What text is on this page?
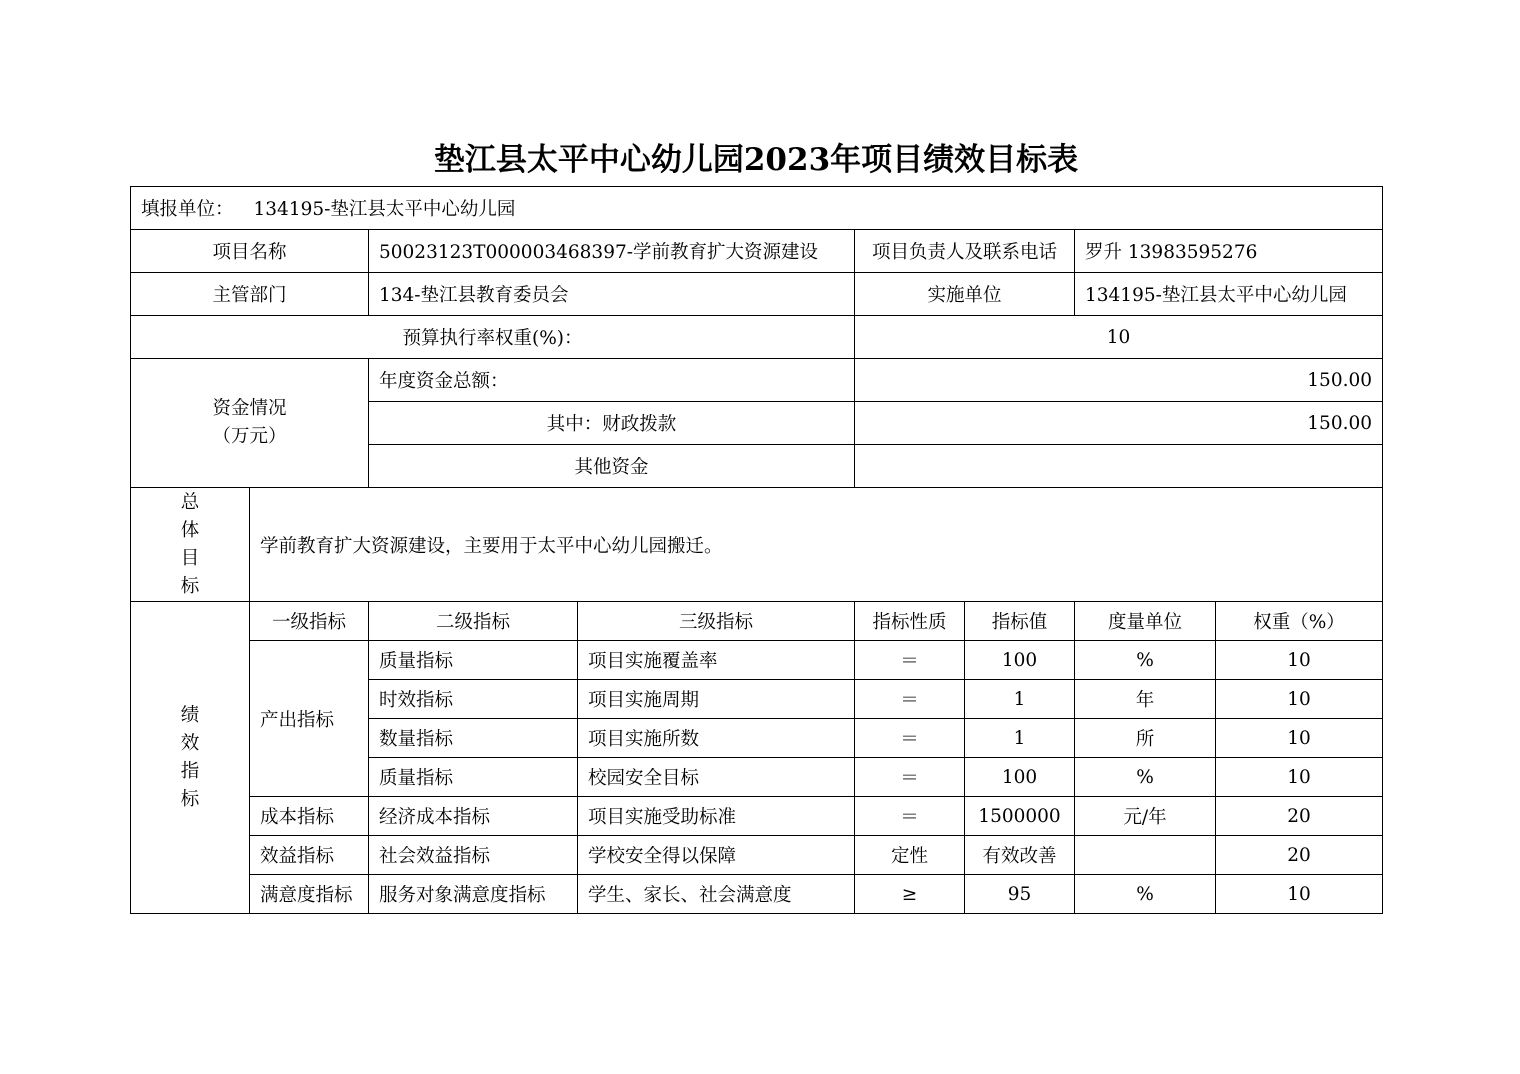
垫江县太平中心幼儿园2023年项目绩效目标表
填报单位： 134195-垫江县太平中心幼儿园							
项目名称		50023123T000003468397-学前教育扩大资源建设		项目负责人及联系电话		罗升 13983595276	
主管部门		134-垫江县教育委员会		实施单位		134195-垫江县太平中心幼儿园	
预算执行率权重(%)：				10			

资金情况
（万元）		年度资金总额：		150.00			
		其中：财政拨款		150.00			
		其他资金					

总
体
目
标	学前教育扩大资源建设，主要用于太平中心幼儿园搬迁。						

绩
效
指
标	一级指标	二级指标	三级指标	指标性质	指标值	度量单位	权重（%）
	产出指标	质量指标	项目实施覆盖率	＝	100	%	10
		时效指标	项目实施周期	＝	1	年	10
		数量指标	项目实施所数	＝	1	所	10
		质量指标	校园安全目标	＝	100	%	10
	成本指标	经济成本指标	项目实施受助标准	＝	1500000	元/年	20
	效益指标	社会效益指标	学校安全得以保障	定性	有效改善		20
	满意度指标	服务对象满意度指标	学生、家长、社会满意度	≥	95	%	10
